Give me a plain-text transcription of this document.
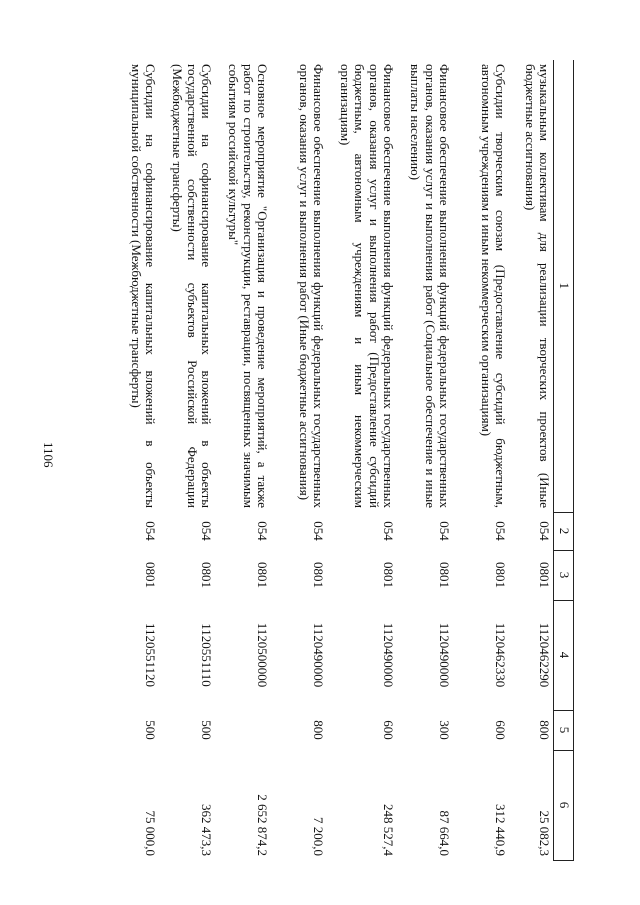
1106
1	2	3	4	5	6
музыкальным коллективам для реализации творческих проектов (Иные бюджетные ассигнования)	054	0801	1120462290	800	25 082,3
Субсидии творческим союзам (Предоставление субсидий бюджетным, автономным учреждениям и иным некоммерческим организациям)	054	0801	1120462330	600	312 440,9
Финансовое обеспечение выполнения функций федеральных государственных органов, оказания услуг и выполнения работ (Социальное обеспечение и иные выплаты населению)	054	0801	1120490000	300	87 664,0
Финансовое обеспечение выполнения функций федеральных государственных органов, оказания услуг и выполнения работ (Предоставление субсидий бюджетным, автономным учреждениям и иным некоммерческим организациям)	054	0801	1120490000	600	248 527,4
Финансовое обеспечение выполнения функций федеральных государственных органов, оказания услуг и выполнения работ (Иные бюджетные ассигнования)	054	0801	1120490000	800	7 200,0
Основное мероприятие "Организация и проведение мероприятий, а также работ по строительству, реконструкции, реставрации, посвященных значимым событиям российской культуры"	054	0801	1120500000		2 652 874,2
Субсидии на софинансирование капитальных вложений в объекты государственной собственности субъектов Российской Федерации (Межбюджетные трансферты)	054	0801	1120551110	500	362 473,3
Субсидии на софинансирование капитальных вложений в объекты муниципальной собственности (Межбюджетные трансферты)	054	0801	1120551120	500	75 000,0
